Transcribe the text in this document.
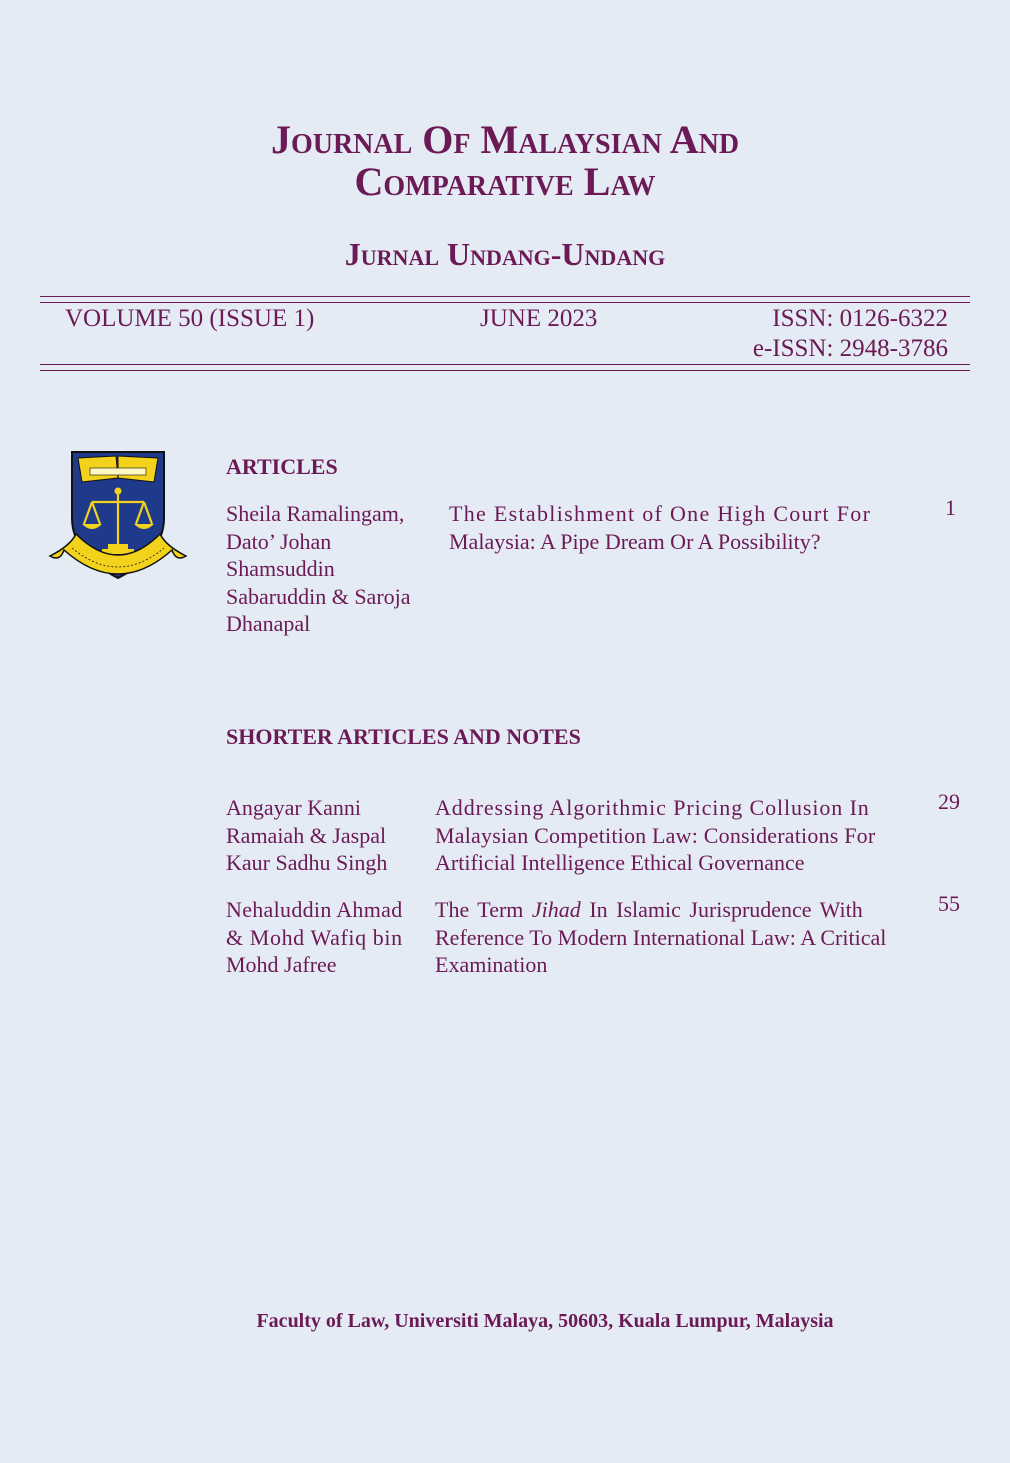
Journal Of Malaysian And
Comparative Law
Jurnal Undang-Undang
VOLUME 50 (ISSUE 1)	JUNE 2023	ISSN: 0126-6322
e-ISSN: 2948-3786
ARTICLES
Sheila Ramalingam,
Dato’ Johan
Shamsuddin
Sabaruddin & Saroja
Dhanapal
The Establishment of One High Court For
Malaysia: A Pipe Dream Or A Possibility?
1
SHORTER ARTICLES AND NOTES
Angayar Kanni
Ramaiah & Jaspal
Kaur Sadhu Singh
Addressing Algorithmic Pricing Collusion In
Malaysian Competition Law: Considerations For
Artificial Intelligence Ethical Governance
29
Nehaluddin Ahmad
& Mohd Wafiq bin
Mohd Jafree
The Term Jihad In Islamic Jurisprudence With
Reference To Modern International Law: A Critical
Examination
55
Faculty of Law, Universiti Malaya, 50603, Kuala Lumpur, Malaysia
